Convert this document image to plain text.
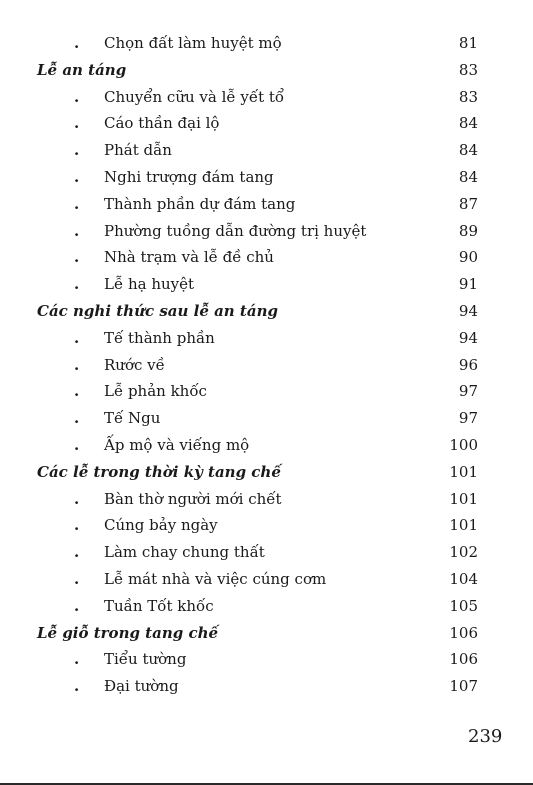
. Chọn đất làm huyệt mộ	81
Lễ an táng	83
. Chuyển cữu và lễ yết tổ	83
. Cáo thần đại lộ	84
. Phát dẫn	84
. Nghi trượng đám tang	84
. Thành phần dự đám tang	87
. Phường tuồng dẫn đường trị huyệt	89
. Nhà trạm và lễ đề chủ	90
. Lễ hạ huyệt	91
Các nghi thức sau lễ an táng	94
. Tế thành phần	94
. Rước về	96
. Lễ phản khốc	97
. Tế Ngu	97
. Ấp mộ và viếng mộ	100
Các lễ trong thời kỳ tang chế	101
. Bàn thờ người mới chết	101
. Cúng bảy ngày	101
. Làm chay chung thất	102
. Lễ mát nhà và việc cúng cơm	104
. Tuần Tốt khốc	105
Lễ giỗ trong tang chế	106
. Tiểu tường	106
. Đại tường	107
239
